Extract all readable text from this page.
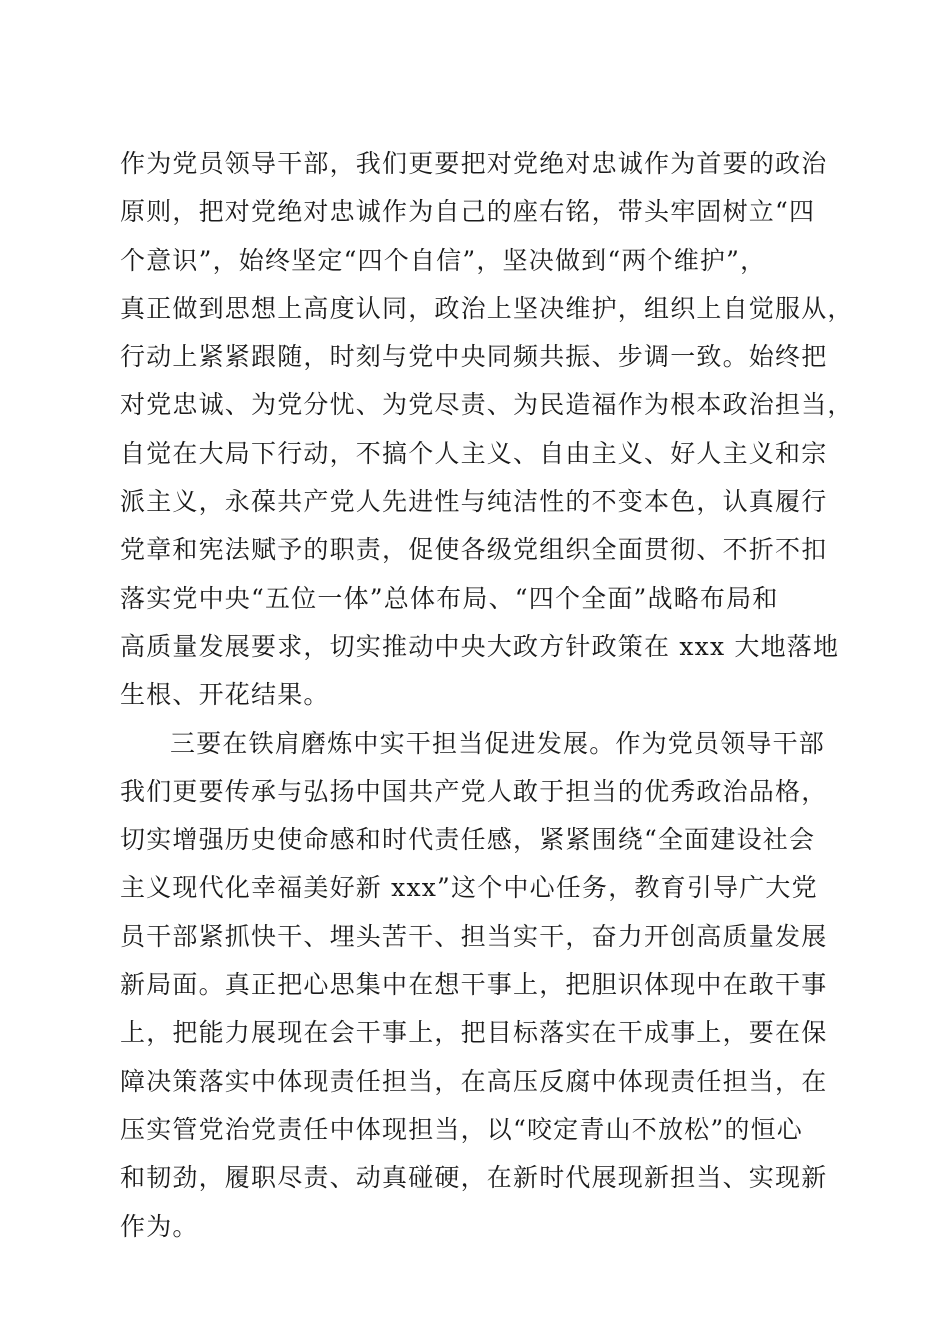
作为党员领导干部，我们更要把对党绝对忠诚作为首要的政治
原则，把对党绝对忠诚作为自己的座右铭，带头牢固树立“四
个意识”，始终坚定“四个自信”，坚决做到“两个维护”，
真正做到思想上高度认同，政治上坚决维护，组织上自觉服从，
行动上紧紧跟随，时刻与党中央同频共振、步调一致。始终把
对党忠诚、为党分忧、为党尽责、为民造福作为根本政治担当，
自觉在大局下行动，不搞个人主义、自由主义、好人主义和宗
派主义，永葆共产党人先进性与纯洁性的不变本色，认真履行
党章和宪法赋予的职责，促使各级党组织全面贯彻、不折不扣
落实党中央“五位一体”总体布局、“四个全面”战略布局和
高质量发展要求，切实推动中央大政方针政策在 xxx 大地落地
生根、开花结果。
三要在铁肩磨炼中实干担当促进发展。作为党员领导干部
我们更要传承与弘扬中国共产党人敢于担当的优秀政治品格，
切实增强历史使命感和时代责任感，紧紧围绕“全面建设社会
主义现代化幸福美好新 xxx”这个中心任务，教育引导广大党
员干部紧抓快干、埋头苦干、担当实干，奋力开创高质量发展
新局面。真正把心思集中在想干事上，把胆识体现中在敢干事
上，把能力展现在会干事上，把目标落实在干成事上，要在保
障决策落实中体现责任担当，在高压反腐中体现责任担当，在
压实管党治党责任中体现担当，以“咬定青山不放松”的恒心
和韧劲，履职尽责、动真碰硬，在新时代展现新担当、实现新
作为。
